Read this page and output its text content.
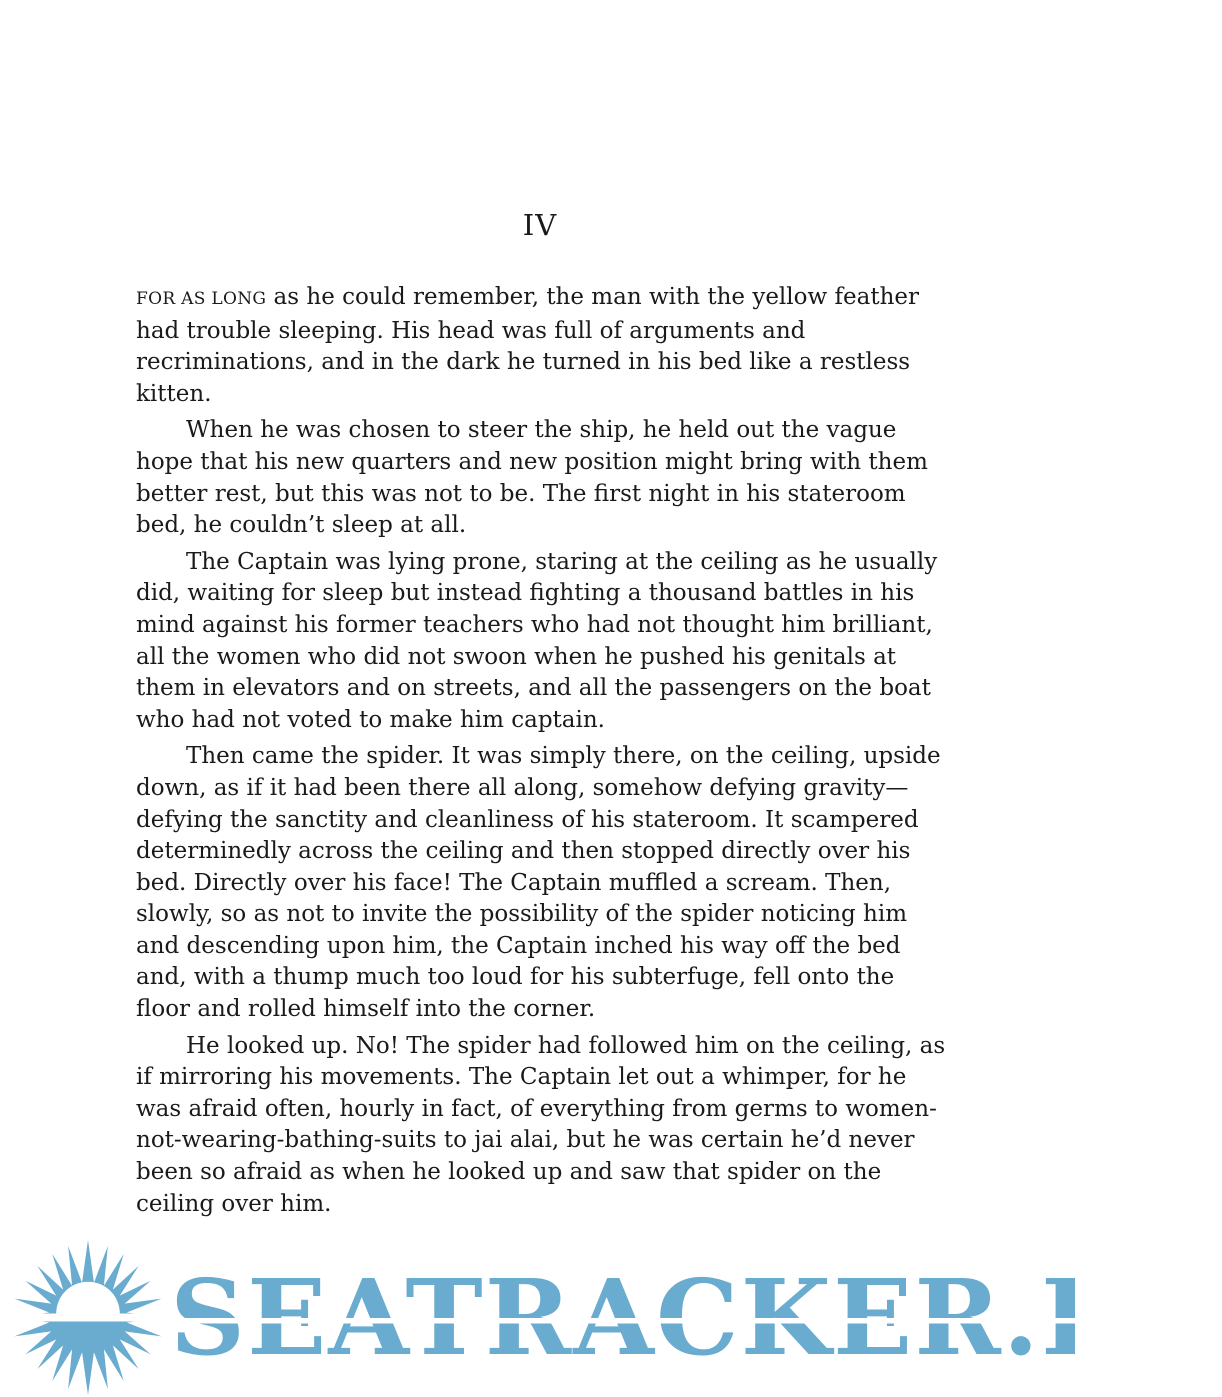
IV

FOR AS LONG as he could remember, the man with the yellow feather had trouble sleeping. His head was full of arguments and recriminations, and in the dark he turned in his bed like a restless kitten.

When he was chosen to steer the ship, he held out the vague hope that his new quarters and new position might bring with them better rest, but this was not to be. The first night in his stateroom bed, he couldn’t sleep at all.

The Captain was lying prone, staring at the ceiling as he usually did, waiting for sleep but instead fighting a thousand battles in his mind against his former teachers who had not thought him brilliant, all the women who did not swoon when he pushed his genitals at them in elevators and on streets, and all the passengers on the boat who had not voted to make him captain.

Then came the spider. It was simply there, on the ceiling, upside down, as if it had been there all along, somehow defying gravity—defying the sanctity and cleanliness of his stateroom. It scampered determinedly across the ceiling and then stopped directly over his bed. Directly over his face! The Captain muffled a scream. Then, slowly, so as not to invite the possibility of the spider noticing him and descending upon him, the Captain inched his way off the bed and, with a thump much too loud for his subterfuge, fell onto the floor and rolled himself into the corner.

He looked up. No! The spider had followed him on the ceiling, as if mirroring his movements. The Captain let out a whimper, for he was afraid often, hourly in fact, of everything from germs to women-not-wearing-bathing-suits to jai alai, but he was certain he’d never been so afraid as when he looked up and saw that spider on the ceiling over him.

SEATRACKER.RU
